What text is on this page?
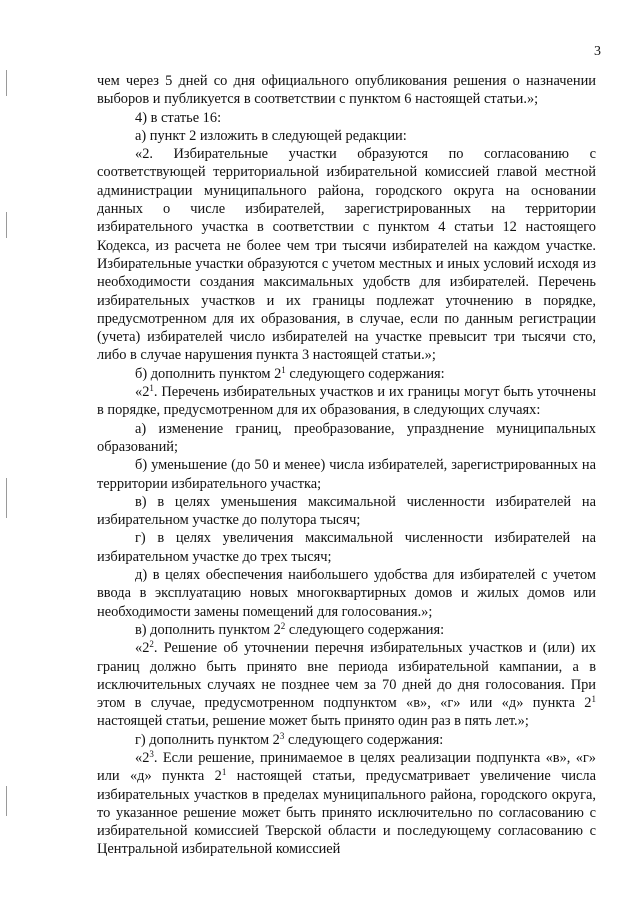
3

чем через 5 дней со дня официального опубликования решения о назначении выборов и публикуется в соответствии с пунктом 6 настоящей статьи.»;

4) в статье 16:

а) пункт 2 изложить в следующей редакции:

«2. Избирательные участки образуются по согласованию с соответствующей территориальной избирательной комиссией главой местной администрации муниципального района, городского округа на основании данных о числе избирателей, зарегистрированных на территории избирательного участка в соответствии с пунктом 4 статьи 12 настоящего Кодекса, из расчета не более чем три тысячи избирателей на каждом участке. Избирательные участки образуются с учетом местных и иных условий исходя из необходимости создания максимальных удобств для избирателей. Перечень избирательных участков и их границы подлежат уточнению в порядке, предусмотренном для их образования, в случае, если по данным регистрации (учета) избирателей число избирателей на участке превысит три тысячи сто, либо в случае нарушения пункта 3 настоящей статьи.»;

б) дополнить пунктом $2^1$ следующего содержания:

«$2^1$. Перечень избирательных участков и их границы могут быть уточнены в порядке, предусмотренном для их образования, в следующих случаях:

а) изменение границ, преобразование, упразднение муниципальных образований;

б) уменьшение (до 50 и менее) числа избирателей, зарегистрированных на территории избирательного участка;

в) в целях уменьшения максимальной численности избирателей на избирательном участке до полутора тысяч;

г) в целях увеличения максимальной численности избирателей на избирательном участке до трех тысяч;

д) в целях обеспечения наибольшего удобства для избирателей с учетом ввода в эксплуатацию новых многоквартирных домов и жилых домов или необходимости замены помещений для голосования.»;

в) дополнить пунктом $2^2$ следующего содержания:

«$2^2$. Решение об уточнении перечня избирательных участков и (или) их границ должно быть принято вне периода избирательной кампании, а в исключительных случаях не позднее чем за 70 дней до дня голосования. При этом в случае, предусмотренном подпунктом «в», «г» или «д» пункта $2^1$ настоящей статьи, решение может быть принято один раз в пять лет.»;

г) дополнить пунктом $2^3$ следующего содержания:

«$2^3$. Если решение, принимаемое в целях реализации подпункта «в», «г» или «д» пункта $2^1$ настоящей статьи, предусматривает увеличение числа избирательных участков в пределах муниципального района, городского округа, то указанное решение может быть принято исключительно по согласованию с избирательной комиссией Тверской области и последующему согласованию с Центральной избирательной комиссией
